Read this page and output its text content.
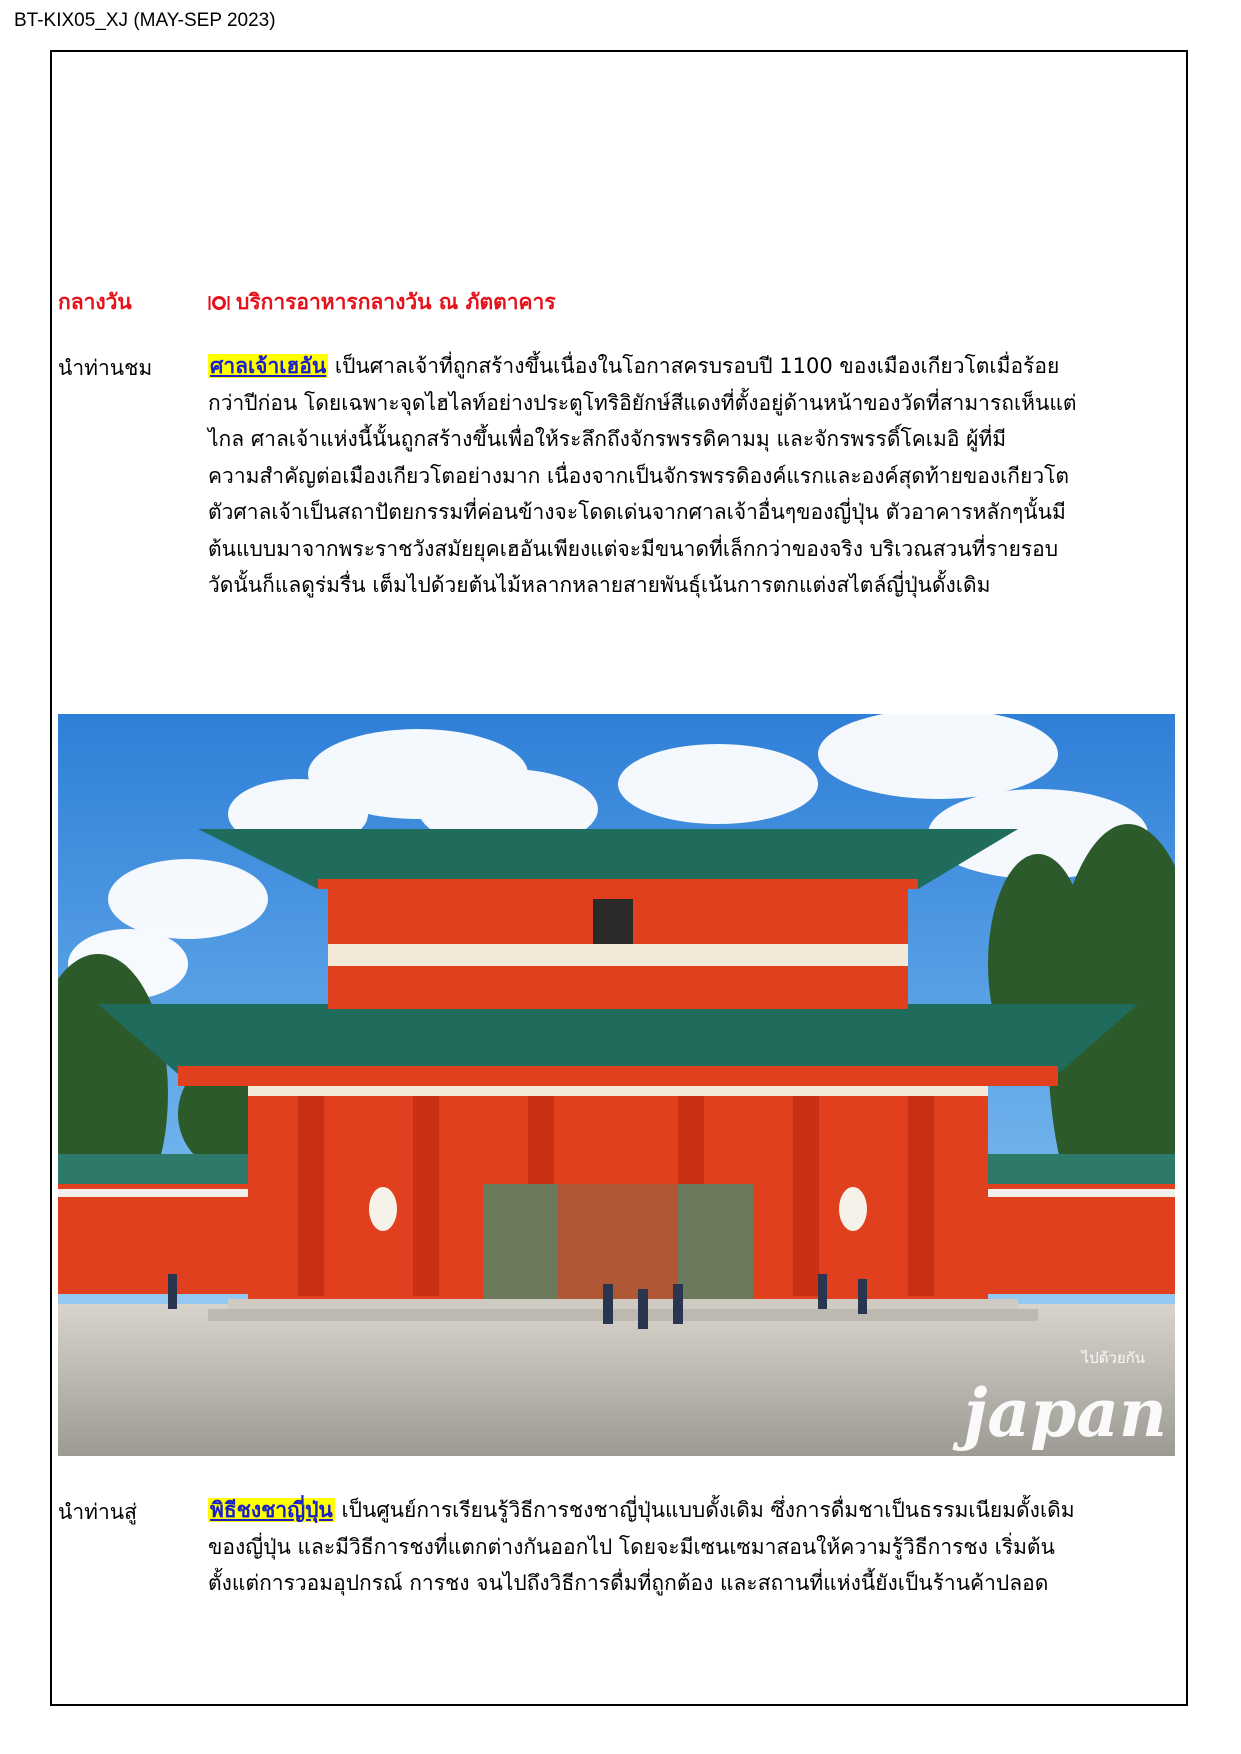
BT-KIX05_XJ (MAY-SEP 2023)
กลางวัน	บริการอาหารกลางวัน ณ ภัตตาคาร
นำท่านชม	ศาลเจ้าเฮอัน เป็นศาลเจ้าที่ถูกสร้างขึ้นเนื่องในโอกาสครบรอบปี 1100 ของเมืองเกียวโตเมื่อร้อย
กว่าปีก่อน โดยเฉพาะจุดไฮไลท์อย่างประตูโทริอิยักษ์สีแดงที่ตั้งอยู่ด้านหน้าของวัดที่สามารถเห็นแต่
ไกล ศาลเจ้าแห่งนี้นั้นถูกสร้างขึ้นเพื่อให้ระลึกถึงจักรพรรดิคามมุ และจักรพรรดิ์โคเมอิ ผู้ที่มี
ความสำคัญต่อเมืองเกียวโตอย่างมาก เนื่องจากเป็นจักรพรรดิองค์แรกและองค์สุดท้ายของเกียวโต
ตัวศาลเจ้าเป็นสถาปัตยกรรมที่ค่อนข้างจะโดดเด่นจากศาลเจ้าอื่นๆของญี่ปุ่น ตัวอาคารหลักๆนั้นมี
ต้นแบบมาจากพระราชวังสมัยยุคเฮอันเพียงแต่จะมีขนาดที่เล็กกว่าของจริง บริเวณสวนที่รายรอบ
วัดนั้นก็แลดูร่มรื่น เต็มไปด้วยต้นไม้หลากหลายสายพันธุ์เน้นการตกแต่งสไตล์ญี่ปุ่นดั้งเดิม
ไปด้วยกัน
japan
นำท่านสู่	พิธีชงชาญี่ปุ่น เป็นศูนย์การเรียนรู้วิธีการชงชาญี่ปุ่นแบบดั้งเดิม ซึ่งการดื่มชาเป็นธรรมเนียมดั้งเดิม
ของญี่ปุ่น และมีวิธีการชงที่แตกต่างกันออกไป โดยจะมีเซนเซมาสอนให้ความรู้วิธีการชง เริ่มต้น
ตั้งแต่การวอมอุปกรณ์ การชง จนไปถึงวิธีการดื่มที่ถูกต้อง และสถานที่แห่งนี้ยังเป็นร้านค้าปลอด
